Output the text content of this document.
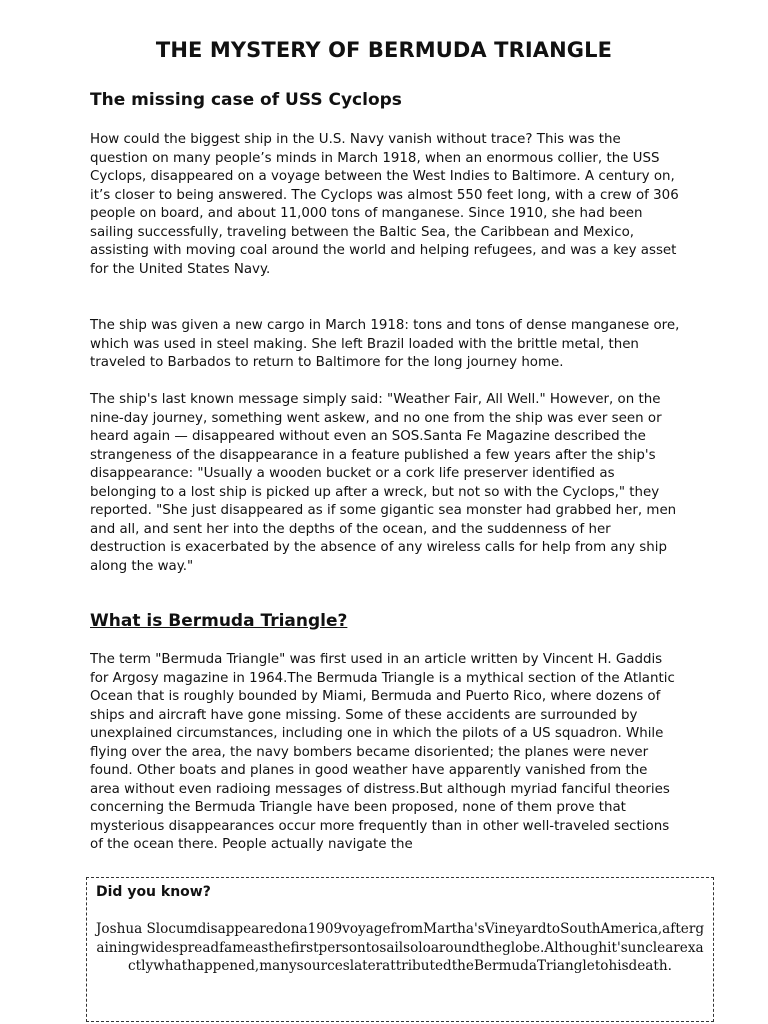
THE MYSTERY OF BERMUDA TRIANGLE
The missing case of USS Cyclops

How could the biggest ship in the U.S. Navy vanish without trace? This was the question on many people’s minds in March 1918, when an enormous collier, the USS Cyclops, disappeared on a voyage between the West Indies to Baltimore. A century on, it’s closer to being answered. The Cyclops was almost 550 feet long, with a crew of 306 people on board, and about 11,000 tons of manganese. Since 1910, she had been sailing successfully, traveling between the Baltic Sea, the Caribbean and Mexico, assisting with moving coal around the world and helping refugees, and was a key asset for the United States Navy.

The ship was given a new cargo in March 1918: tons and tons of dense manganese ore, which was used in steel making. She left Brazil loaded with the brittle metal, then traveled to Barbados to return to Baltimore for the long journey home.

The ship's last known message simply said: "Weather Fair, All Well." However, on the nine-day journey, something went askew, and no one from the ship was ever seen or heard again — disappeared without even an SOS.Santa Fe Magazine described the strangeness of the disappearance in a feature published a few years after the ship's disappearance: "Usually a wooden bucket or a cork life preserver identified as belonging to a lost ship is picked up after a wreck, but not so with the Cyclops," they reported. "She just disappeared as if some gigantic sea monster had grabbed her, men and all, and sent her into the depths of the ocean, and the suddenness of her destruction is exacerbated by the absence of any wireless calls for help from any ship along the way."

What is Bermuda Triangle?

The term "Bermuda Triangle" was first used in an article written by Vincent H. Gaddis for Argosy magazine in 1964.The Bermuda Triangle is a mythical section of the Atlantic Ocean that is roughly bounded by Miami, Bermuda and Puerto Rico, where dozens of ships and aircraft have gone missing. Some of these accidents are surrounded by unexplained circumstances, including one in which the pilots of a US squadron. While flying over the area, the navy bombers became disoriented; the planes were never found. Other boats and planes in good weather have apparently vanished from the area without even radioing messages of distress.But although myriad fanciful theories concerning the Bermuda Triangle have been proposed, none of them prove that mysterious disappearances occur more frequently than in other well-traveled sections of the ocean there. People actually navigate the

Did you know?
Joshua Slocumdisappearedona1909voyagefromMartha'sVineyardtoSouthAmerica,aftergainingwidespreadfameasthefirstpersontosailsoloaroundtheglobe.Althoughit'sunclearexactlywhathappened,manysourceslaterattributedtheBermudaTriangletohisdeath.
